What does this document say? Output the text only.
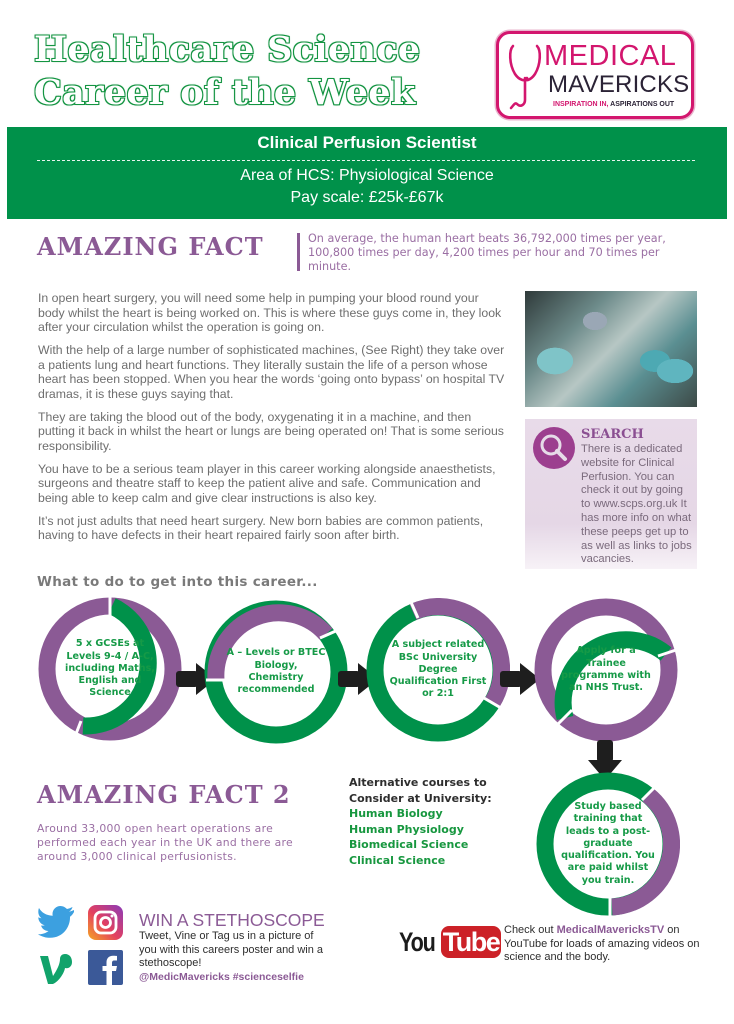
Healthcare Science
Career of the Week
MEDICAL
MAVERICKS
INSPIRATION IN, ASPIRATIONS OUT
Clinical Perfusion Scientist
Area of HCS: Physiological Science
Pay scale: £25k-£67k
AMAZING FACT	On average, the human heart beats 36,792,000 times per year, 100,800 times per day, 4,200 times per hour and 70 times per minute.

In open heart surgery, you will need some help in pumping your blood round your body whilst the heart is being worked on. This is where these guys come in, they look after your circulation whilst the operation is going on.

With the help of a large number of sophisticated machines, (See Right) they take over a patients lung and heart functions. They literally sustain the life of a person whose heart has been stopped. When you hear the words ‘going onto bypass’ on hospital TV dramas, it is these guys saying that.

They are taking the blood out of the body, oxygenating it in a machine, and then putting it back in whilst the heart or lungs are being operated on! That is some serious responsibility.

You have to be a serious team player in this career working alongside anaesthetists, surgeons and theatre staff to keep the patient alive and safe. Communication and being able to keep calm and give clear instructions is also key.

It’s not just adults that need heart surgery. New born babies are common patients, having to have defects in their heart repaired fairly soon after birth.

SEARCH
There is a dedicated website for Clinical Perfusion. You can check it out by going to www.scps.org.uk It has more info on what these peeps get up to as well as links to jobs vacancies.
What to do to get into this career...
5 x GCSEs at Levels 9-4 / A-C, including Maths, English and Science
A – Levels or BTEC Biology, Chemistry recommended
A subject related BSc University Degree Qualification First or 2:1
Apply for a Trainee programme with an NHS Trust.
Study based training that leads to a post-graduate qualification. You are paid whilst you train.
AMAZING FACT 2
Around 33,000 open heart operations are performed each year in the UK and there are around 3,000 clinical perfusionists.
Alternative courses to
Consider at University:
Human Biology
Human Physiology
Biomedical Science
Clinical Science
WIN A STETHOSCOPE
Tweet, Vine or Tag us in a picture of you with this careers poster and win a stethoscope!
@MedicMavericks #scienceselfie
You Tube Check out MedicalMavericksTV on YouTube for loads of amazing videos on science and the body.
